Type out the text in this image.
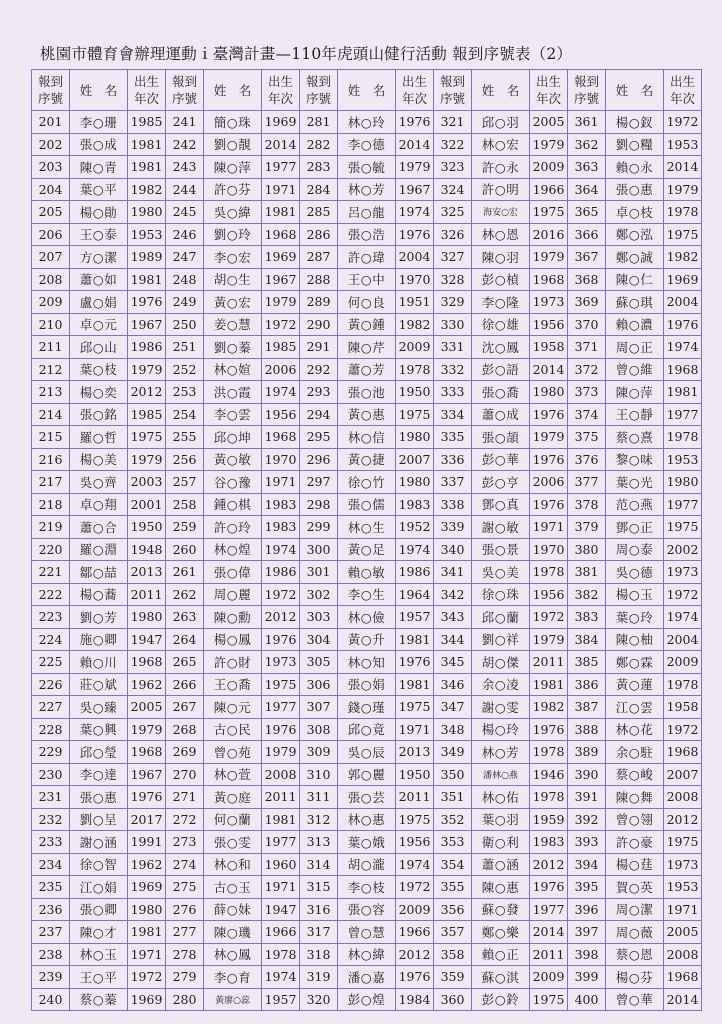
桃園市體育會辦理運動ｉ臺灣計畫—110年虎頭山健行活動 報到序號表（2）
報到
序號	姓　名	出生
年次	報到
序號	姓　名	出生
年次	報到
序號	姓　名	出生
年次	報到
序號	姓　名	出生
年次	報到
序號	姓　名	出生
年次

201	李○珊	1985	241	簡○珠	1969	281	林○玲	1976	321	邱○羽	2005	361	楊○釵	1972
202	張○成	1981	242	劉○靚	2014	282	李○德	2014	322	林○宏	1979	362	劉○糧	1953
203	陳○青	1981	243	陳○萍	1977	283	張○毓	1979	323	許○永	2009	363	賴○永	2014
204	葉○平	1982	244	許○芬	1971	284	林○芳	1967	324	許○明	1966	364	張○惠	1979
205	楊○勛	1980	245	吳○緯	1981	285	呂○龍	1974	325	海安○宏	1975	365	卓○枝	1978
206	王○泰	1953	246	劉○玲	1968	286	張○浩	1976	326	林○恩	2016	366	鄭○泓	1975
207	方○潔	1989	247	李○宏	1969	287	許○瑋	2004	327	陳○羽	1979	367	鄭○誠	1982
208	蕭○如	1981	248	胡○生	1967	288	王○中	1970	328	彭○楨	1968	368	陳○仁	1969
209	盧○娟	1976	249	黃○宏	1979	289	何○良	1951	329	李○隆	1973	369	蘇○琪	2004
210	卓○元	1967	250	姜○慧	1972	290	黃○鍾	1982	330	徐○雄	1956	370	賴○濃	1976
211	邱○山	1986	251	劉○蓁	1985	291	陳○芹	2009	331	沈○鳳	1958	371	周○正	1974
212	葉○枝	1979	252	林○媗	2006	292	蕭○芳	1978	332	彭○語	2014	372	曾○維	1968
213	楊○奕	2012	253	洪○霞	1974	293	張○池	1950	333	張○喬	1980	373	陳○萍	1981
214	張○銘	1985	254	李○雲	1956	294	黃○惠	1975	334	蕭○成	1976	374	王○靜	1977
215	羅○哲	1975	255	邱○坤	1968	295	林○信	1980	335	張○頡	1979	375	蔡○熹	1978
216	楊○美	1979	256	黃○敏	1970	296	黃○捷	2007	336	彭○華	1976	376	黎○味	1953
217	吳○齊	2003	257	谷○豫	1971	297	徐○竹	1980	337	彭○亨	2006	377	葉○光	1980
218	卓○翔	2001	258	鍾○棋	1983	298	張○儒	1983	338	鄧○真	1976	378	范○燕	1977
219	蕭○合	1950	259	許○玲	1983	299	林○生	1952	339	謝○敏	1971	379	鄧○正	1975
220	羅○淵	1948	260	林○煌	1974	300	黃○足	1974	340	張○景	1970	380	周○泰	2002
221	鄒○喆	2013	261	張○偉	1986	301	賴○敏	1986	341	吳○美	1978	381	吳○德	1973
222	楊○蕎	2011	262	周○麗	1972	302	李○生	1964	342	徐○珠	1956	382	楊○玉	1972
223	劉○芳	1980	263	陳○勳	2012	303	林○儉	1957	343	邱○蘭	1972	383	葉○玲	1974
224	施○卿	1947	264	楊○鳳	1976	304	黃○升	1981	344	劉○祥	1979	384	陳○柚	2004
225	賴○川	1968	265	許○財	1973	305	林○知	1976	345	胡○傑	2011	385	鄭○霖	2009
226	莊○斌	1962	266	王○喬	1975	306	張○娟	1981	346	余○凌	1981	386	黃○蓮	1978
227	吳○臻	2005	267	陳○元	1977	307	錢○瑾	1975	347	謝○雯	1982	387	江○雲	1958
228	葉○興	1979	268	古○民	1976	308	邱○竟	1971	348	楊○玲	1976	388	林○花	1972
229	邱○瑩	1968	269	曾○苑	1979	309	吳○辰	2013	349	林○芳	1978	389	余○駐	1968
230	李○達	1967	270	林○萱	2008	310	郭○麗	1950	350	潘林○燕	1946	390	蔡○峻	2007
231	張○惠	1976	271	黃○庭	2011	311	張○芸	2011	351	林○佑	1978	391	陳○舞	2008
232	劉○呈	2017	272	何○蘭	1981	312	林○惠	1975	352	葉○羽	1959	392	曾○翎	2012
233	謝○涵	1991	273	張○雯	1977	313	葉○娥	1956	353	衛○利	1983	393	許○豪	1975
234	徐○智	1962	274	林○和	1960	314	胡○瀧	1974	354	蕭○涵	2012	394	楊○莛	1973
235	江○娟	1969	275	古○玉	1971	315	李○枝	1972	355	陳○惠	1976	395	賀○英	1953
236	張○卿	1980	276	薛○妹	1947	316	張○容	2009	356	蘇○發	1977	396	周○潔	1971
237	陳○才	1981	277	陳○璣	1966	317	曾○慧	1966	357	鄭○樂	2014	397	周○薇	2005
238	林○玉	1971	278	林○鳳	1978	318	林○緯	2012	358	賴○正	2011	398	蔡○恩	2008
239	王○平	1972	279	李○育	1974	319	潘○嘉	1976	359	蘇○淇	2009	399	楊○芬	1968
240	蔡○蓁	1969	280	黃廖○蕊	1957	320	彭○煌	1984	360	彭○鈴	1975	400	曾○華	2014
